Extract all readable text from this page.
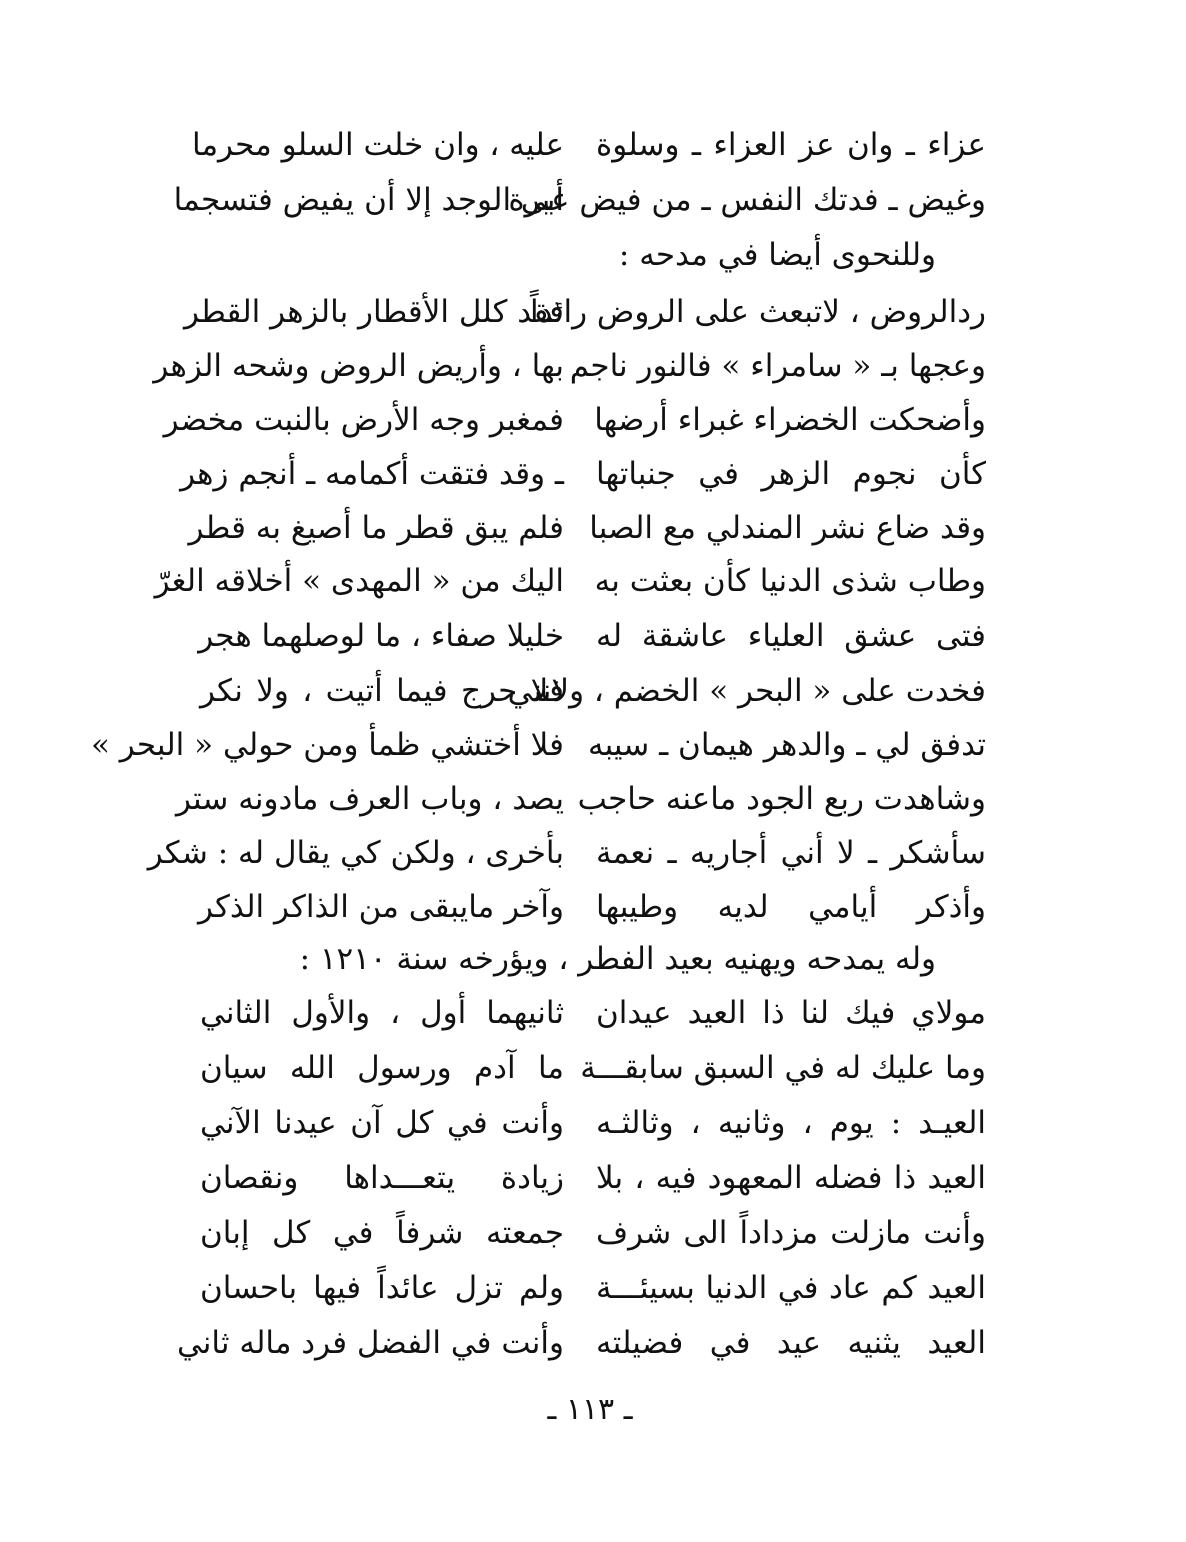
عزاء ـ وان عز العزاء ـ وسلوة
عليه ، وان خلت السلو محرما
وغيض ـ فدتك النفس ـ من فيض عبرة
أبى الوجد إلا أن يفيض فتسجما
وللنحوى أيضا في مدحه :
ردالروض ، لاتبعث على الروض رائداً
فقد كلل الأقطار بالزهر القطر
وعجها بـ « سامراء » فالنور ناجم
بها ، وأريض الروض وشحه الزهر
وأضحكت الخضراء غبراء أرضها
فمغبر وجه الأرض بالنبت مخضر
كأن نجوم الزهر في جنباتها
ـ وقد فتقت أكمامه ـ أنجم زهر
وقد ضاع نشر المندلي مع الصبا
فلم يبق قطر ما أصيغ به قطر
وطاب شذى الدنيا كأن بعثت به
اليك من « المهدى » أخلاقه الغرّ
فتى عشق العلياء عاشقة له
خليلا صفاء ، ما لوصلهما هجر
فخدت على « البحر » الخضم ، ولانني
فلا حرج فيما أتيت ، ولا نكر
تدفق لي ـ والدهر هيمان ـ سيبه
فلا أختشي ظمأ ومن حولي « البحر »
وشاهدت ربع الجود ماعنه حاجب
يصد ، وباب العرف مادونه ستر
سأشكر ـ لا أني أجاريه ـ نعمة
بأخرى ، ولكن كي يقال له : شكر
وأذكر أيامي لديه وطيبها
وآخر مايبقى من الذاكر الذكر
وله يمدحه ويهنيه بعيد الفطر ، ويؤرخه سنة ١٢١٠ :
مولاي فيك لنا ذا العيد عيدان
ثانيهما أول ، والأول الثاني
وما عليك له في السبق سابقـــة
ما آدم ورسول الله سيان
العيـد : يوم ، وثانيه ، وثالثـه
وأنت في كل آن عيدنا الآني
العيد ذا فضله المعهود فيه ، بلا
زيادة يتعـــداها ونقصان
وأنت مازلت مزداداً الى شرف
جمعته شرفاً في كل إبان
العيد كم عاد في الدنيا بسيئـــة
ولم تزل عائداً فيها باحسان
العيد يثنيه عيد في فضيلته
وأنت في الفضل فرد ماله ثاني
ـ ١١٣ ـ
